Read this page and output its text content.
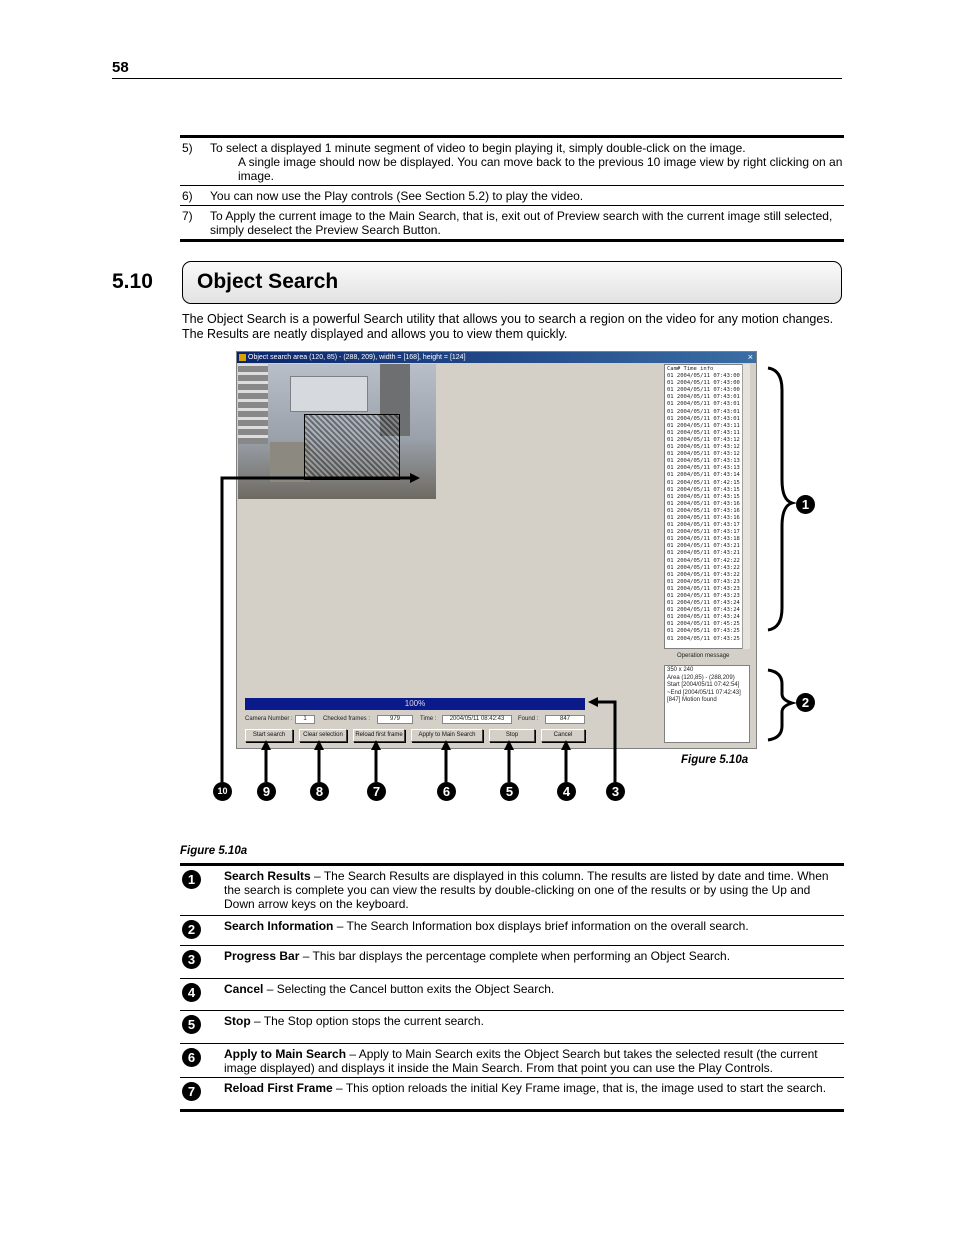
58
5)	To select a displayed 1 minute segment of video to begin playing it, simply double-click on the image.
A single image should now be displayed. You can move back to the previous 10 image view by right clicking on an image.
6)	You can now use the Play controls (See Section 5.2) to play the video.
7)	To Apply the current image to the Main Search, that is, exit out of Preview search with the current image still selected, simply deselect the Preview Search Button.
5.10	Object Search
The Object Search is a powerful Search utility that allows you to search a region on the video for any motion changes. The Results are neatly displayed and allows you to view them quickly.
Object search area (120, 85) - (288, 209), width = [168], height = [124]	×
Cam# Time info
01 2004/05/11 07:43:00
01 2004/05/11 07:43:00
01 2004/05/11 07:43:00
01 2004/05/11 07:43:01
01 2004/05/11 07:43:01
01 2004/05/11 07:43:01
01 2004/05/11 07:43:01
01 2004/05/11 07:43:11
01 2004/05/11 07:43:11
01 2004/05/11 07:43:12
01 2004/05/11 07:43:12
01 2004/05/11 07:43:12
01 2004/05/11 07:43:13
01 2004/05/11 07:43:13
01 2004/05/11 07:43:14
01 2004/05/11 07:42:15
01 2004/05/11 07:43:15
01 2004/05/11 07:43:15
01 2004/05/11 07:43:16
01 2004/05/11 07:43:16
01 2004/05/11 07:43:16
01 2004/05/11 07:43:17
01 2004/05/11 07:43:17
01 2004/05/11 07:43:18
01 2004/05/11 07:43:21
01 2004/05/11 07:43:21
01 2004/05/11 07:42:22
01 2004/05/11 07:43:22
01 2004/05/11 07:43:22
01 2004/05/11 07:43:23
01 2004/05/11 07:43:23
01 2004/05/11 07:43:23
01 2004/05/11 07:43:24
01 2004/05/11 07:43:24
01 2004/05/11 07:43:24
01 2004/05/11 07:45:25
01 2004/05/11 07:43:25
01 2004/05/11 07:43:25
Operation message
350 x 240
Area (120,85) - (288,209)
Start [2004/05/11 07:42:54]
~End [2004/05/11 07:42:43]
[847] Motion found
100%
Camera Number :	1	Checked frames :	979	Time :	2004/05/11 08:42:43	Found :	847
Start search	Clear selection	Reload first frame	Apply to Main Search	Stop	Cancel
Figure 5.10a
10	9	8	7	6	5	4	3
1
2
Figure 5.10a
1	Search Results – The Search Results are displayed in this column. The results are listed by date and time. When the search is complete you can view the results by double-clicking on one of the results or by using the Up and Down arrow keys on the keyboard.
2	Search Information – The Search Information box displays brief information on the overall search.
3	Progress Bar – This bar displays the percentage complete when performing an Object Search.
4	Cancel – Selecting the Cancel button exits the Object Search.
5	Stop – The Stop option stops the current search.
6	Apply to Main Search – Apply to Main Search exits the Object Search but takes the selected result (the current image displayed) and displays it inside the Main Search. From that point you can use the Play Controls.
7	Reload First Frame – This option reloads the initial Key Frame image, that is, the image used to start the search.
